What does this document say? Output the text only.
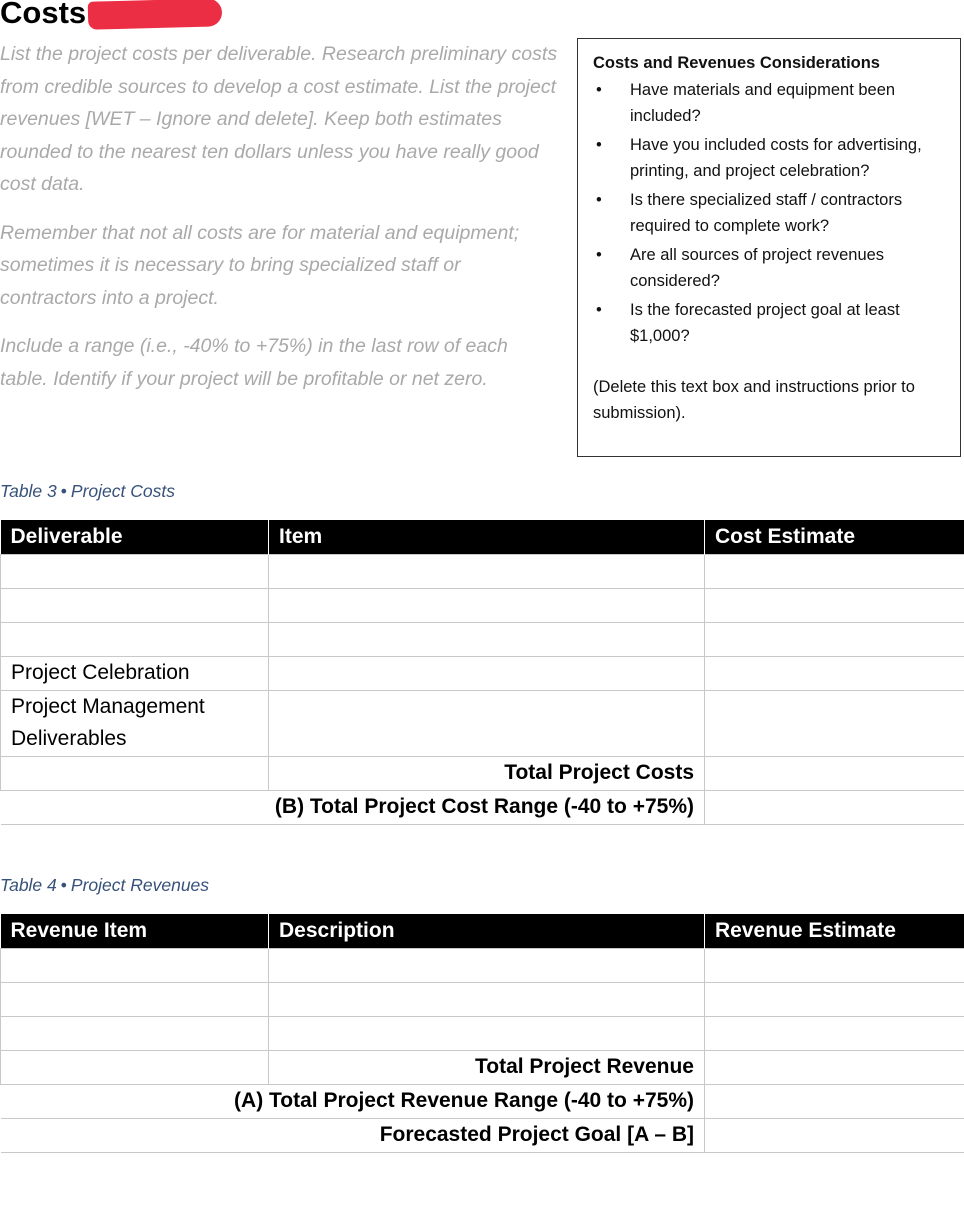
Costs

List the project costs per deliverable. Research preliminary costs from credible sources to develop a cost estimate. List the project revenues [WET – Ignore and delete]. Keep both estimates rounded to the nearest ten dollars unless you have really good cost data.

Remember that not all costs are for material and equipment; sometimes it is necessary to bring specialized staff or contractors into a project.

Include a range (i.e., -40% to +75%) in the last row of each table. Identify if your project will be profitable or net zero.

Costs and Revenues Considerations
• Have materials and equipment been included?
• Have you included costs for advertising, printing, and project celebration?
• Is there specialized staff / contractors required to complete work?
• Are all sources of project revenues considered?
• Is the forecasted project goal at least $1,000?
(Delete this text box and instructions prior to submission).
Table 3 • Project Costs
Deliverable	Item	Cost Estimate

Project Celebration		
Project Management Deliverables		
	Total Project Costs	
(B) Total Project Cost Range (-40 to +75%)		
Table 4 • Project Revenues
Revenue Item	Description	Revenue Estimate

	Total Project Revenue	
(A) Total Project Revenue Range (-40 to +75%)		
Forecasted Project Goal [A – B]		
